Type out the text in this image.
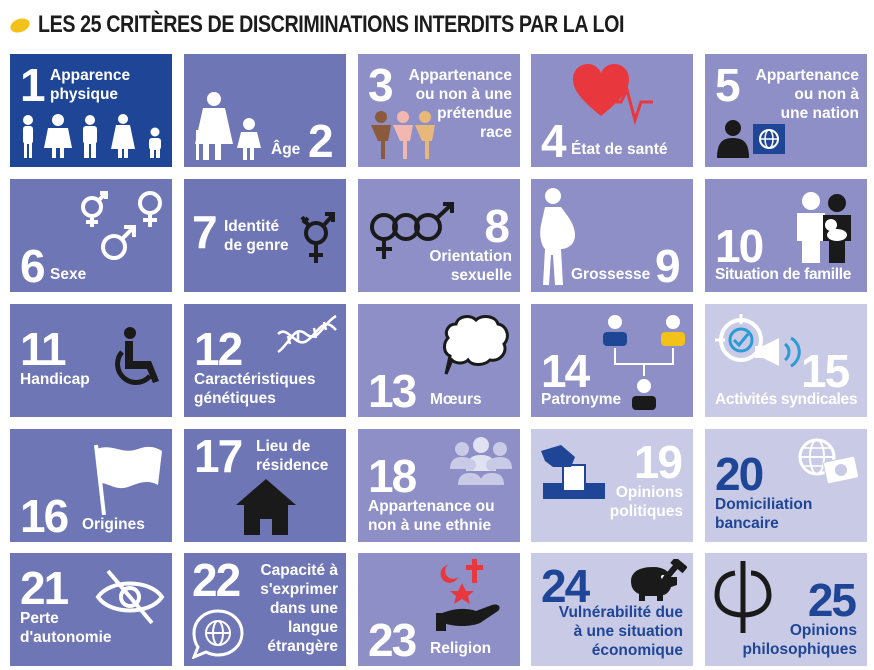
LES 25 CRITÈRES DE DISCRIMINATIONS INTERDITS PAR LA LOI
1 Apparence
physique
Âge 2
3 Appartenance
ou non à une
prétendue
race 4 État de santé
5 Appartenance
ou non à
une nation
6 Sexe
7 Identité
de genre	8
Orientation
sexuelle	Grossesse 9 10
Situation de famille
11
Handicap
12
Caractéristiques
génétiques	13 Mœurs
14
Patronyme
15
Activités syndicales
16 Origines
17 Lieu de
résidence 18
Appartenance ou
non à une ethnie
19
Opinions
politiques
20
Domiciliation
bancaire
21
Perte
d'autonomie
22 Capacité à
s'exprimer
dans une
langue
étrangère 23 Religion
24
Vulnérabilité due
à une situation
économique
25
Opinions
philosophiques
